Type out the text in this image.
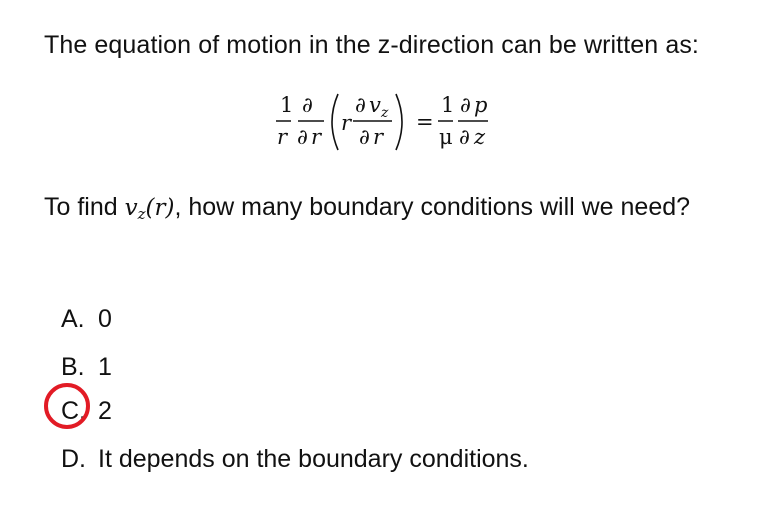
The equation of motion in the z-direction can be written as:
1 ∂
r ∂ r
r
∂ v z
∂ r
=
1
μ
∂ p
∂ z
To find $v_z(r)$, how many boundary conditions will we need?
A. 0
B. 1
C. 2
D. It depends on the boundary conditions.
